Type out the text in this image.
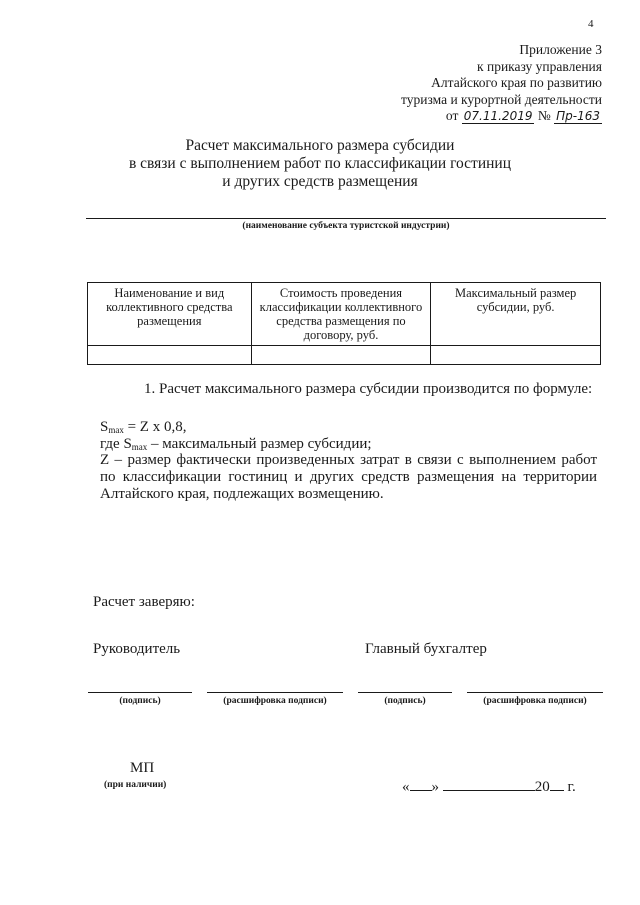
4
Приложение 3
к приказу управления
Алтайского края по развитию
туризма и курортной деятельности
от 07.11.2019 № Пр-163
Расчет максимального размера субсидии
в связи с выполнением работ по классификации гостиниц
и других средств размещения
(наименование субъекта туристской индустрии)
Наименование и вид коллективного средства размещения	Стоимость проведения классификации коллективного средства размещения по договору, руб.	Максимальный размер субсидии, руб.

1. Расчет максимального размера субсидии производится по формуле:
$S_{max} = Z$ x 0,8,
где $S_{max}$ – максимальный размер субсидии;
Z – размер фактически произведенных затрат в связи с выполнением работ по классификации гостиниц и других средств размещения на территории Алтайского края, подлежащих возмещению.
Расчет заверяю:
Руководитель	Главный бухгалтер
(подпись)	(расшифровка подписи)	(подпись)	(расшифровка подписи)
МП
(при наличии)	« »	20 г.
